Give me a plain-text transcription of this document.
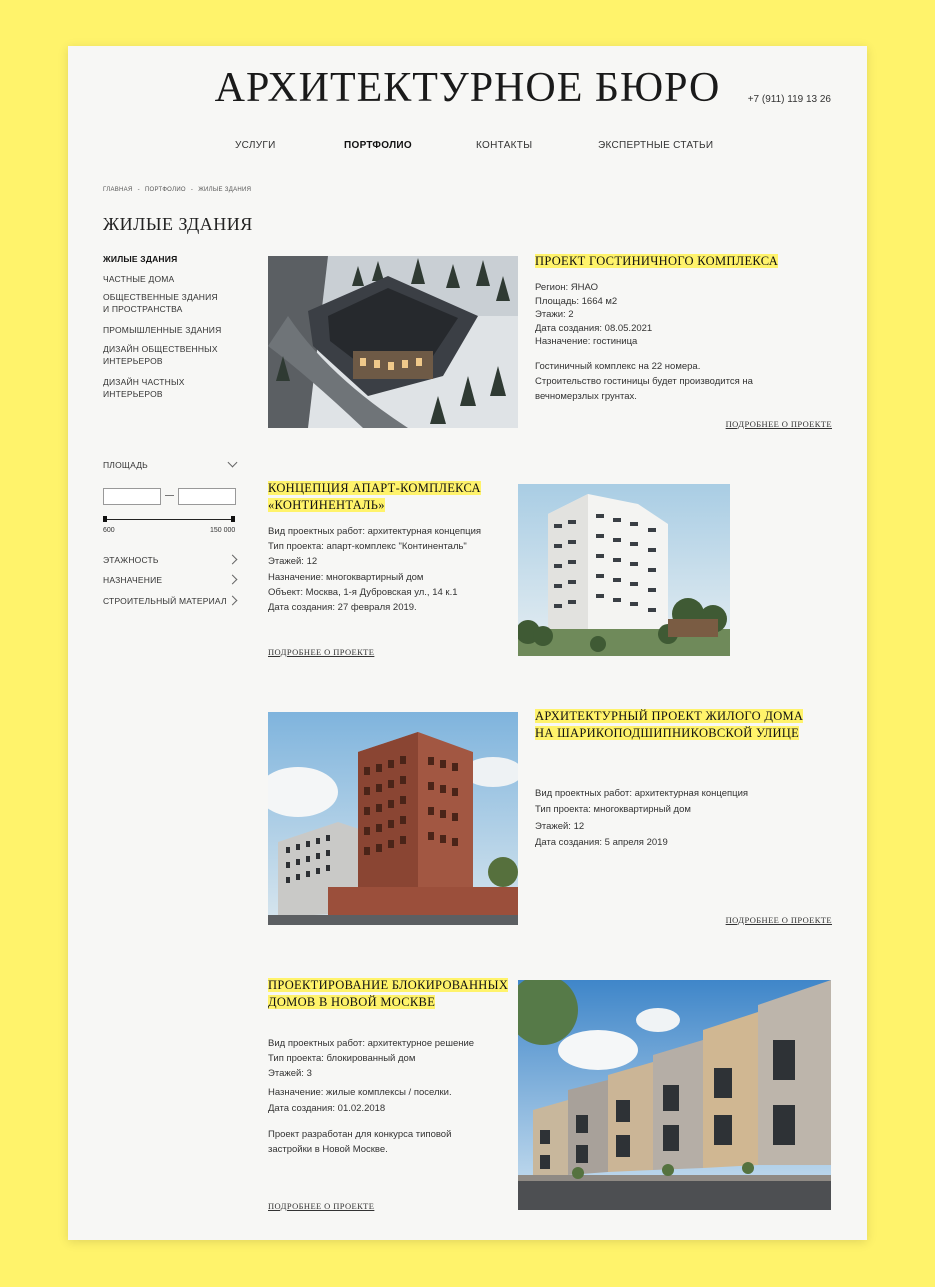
АРХИТЕКТУРНОЕ БЮРО	+7 (911) 119 13 26
УСЛУГИ	ПОРТФОЛИО	КОНТАКТЫ	ЭКСПЕРТНЫЕ СТАТЬИ
ГЛАВНАЯ - ПОРТФОЛИО - ЖИЛЫЕ ЗДАНИЯ
ЖИЛЫЕ ЗДАНИЯ
ЖИЛЫЕ ЗДАНИЯ
ЧАСТНЫЕ ДОМА
ОБЩЕСТВЕННЫЕ ЗДАНИЯ
И ПРОСТРАНСТВА
ПРОМЫШЛЕННЫЕ ЗДАНИЯ
ДИЗАЙН ОБЩЕСТВЕННЫХ
ИНТЕРЬЕРОВ
ДИЗАЙН ЧАСТНЫХ ИНТЕРЬЕРОВ
ПЛОЩАДЬ
600	150 000
ЭТАЖНОСТЬ
НАЗНАЧЕНИЕ
СТРОИТЕЛЬНЫЙ МАТЕРИАЛ
ПРОЕКТ ГОСТИНИЧНОГО КОМПЛЕКСА
Регион: ЯНАО
Площадь: 1664 м2
Этажи: 2
Дата создания: 08.05.2021
Назначение: гостиница
Гостиничный комплекс на 22 номера.
Строительство гостиницы будет производится на
вечномерзлых грунтах.
ПОДРОБНЕЕ О ПРОЕКТЕ
КОНЦЕПЦИЯ АПАРТ-КОМПЛЕКСА
«КОНТИНЕНТАЛЬ»
Вид проектных работ: архитектурная концепция
Тип проекта: апарт-комплекс "Континенталь"
Этажей: 12
Назначение: многоквартирный дом
Объект: Москва, 1-я Дубровская ул., 14 к.1
Дата создания: 27 февраля 2019.
ПОДРОБНЕЕ О ПРОЕКТЕ
АРХИТЕКТУРНЫЙ ПРОЕКТ ЖИЛОГО ДОМА
НА ШАРИКОПОДШИПНИКОВСКОЙ УЛИЦЕ
Вид проектных работ: архитектурная концепция
Тип проекта: многоквартирный дом
Этажей: 12
Дата создания: 5 апреля 2019
ПОДРОБНЕЕ О ПРОЕКТЕ
ПРОЕКТИРОВАНИЕ БЛОКИРОВАННЫХ
ДОМОВ В НОВОЙ МОСКВЕ
Вид проектных работ: архитектурное решение
Тип проекта: блокированный дом
Этажей: 3
Назначение: жилые комплексы / поселки.
Дата создания: 01.02.2018
Проект разработан для конкурса типовой
застройки в Новой Москве.
ПОДРОБНЕЕ О ПРОЕКТЕ
